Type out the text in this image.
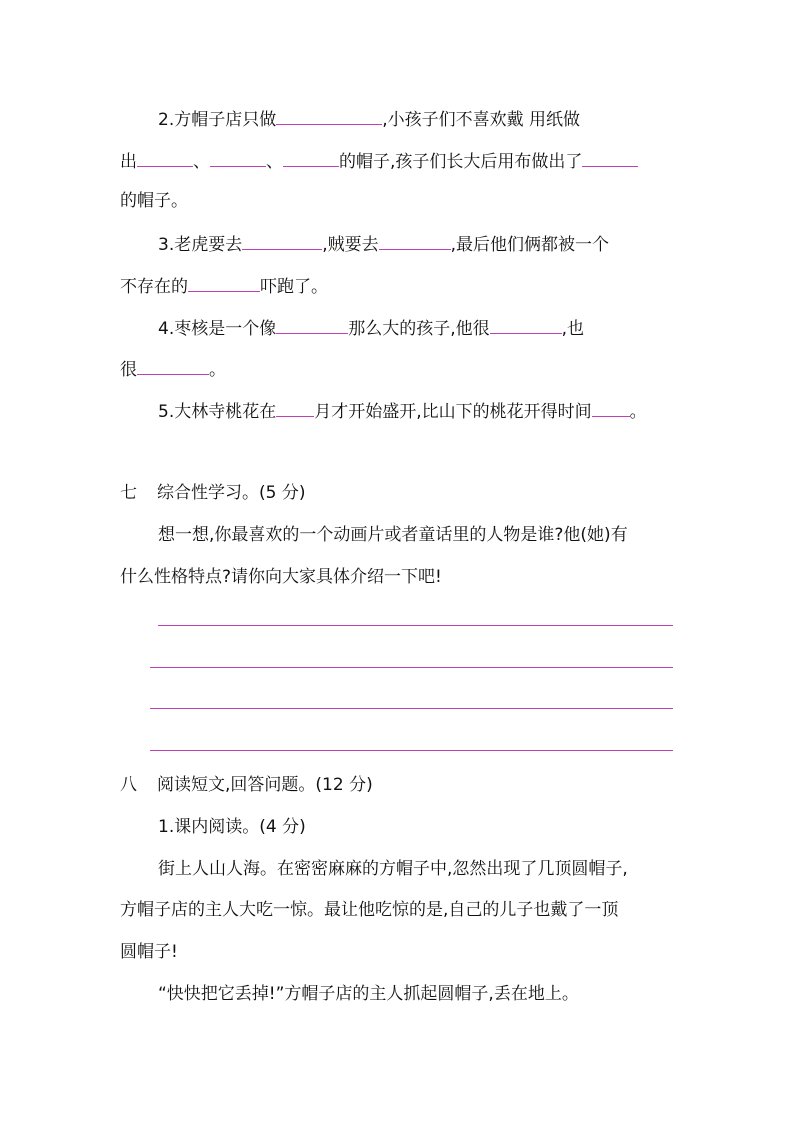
2.方帽子店只做	,小孩子们不喜欢戴 用纸做
出	、	、	的帽子,孩子们长大后用布做出了
的帽子。
3.老虎要去	,贼要去	,最后他们俩都被一个
不存在的	吓跑了。
4.枣核是一个像	那么大的孩子,他很	,也
很	。
5.大林寺桃花在 月才开始盛开,比山下的桃花开得时间 。
七 综合性学习。(5 分)
想一想,你最喜欢的一个动画片或者童话里的人物是谁?他(她)有
什么性格特点?请你向大家具体介绍一下吧!
八 阅读短文,回答问题。(12 分)
1.课内阅读。(4 分)
街上人山人海。在密密麻麻的方帽子中,忽然出现了几顶圆帽子,
方帽子店的主人大吃一惊。最让他吃惊的是,自己的儿子也戴了一顶
圆帽子!
“快快把它丢掉!”方帽子店的主人抓起圆帽子,丢在地上。
